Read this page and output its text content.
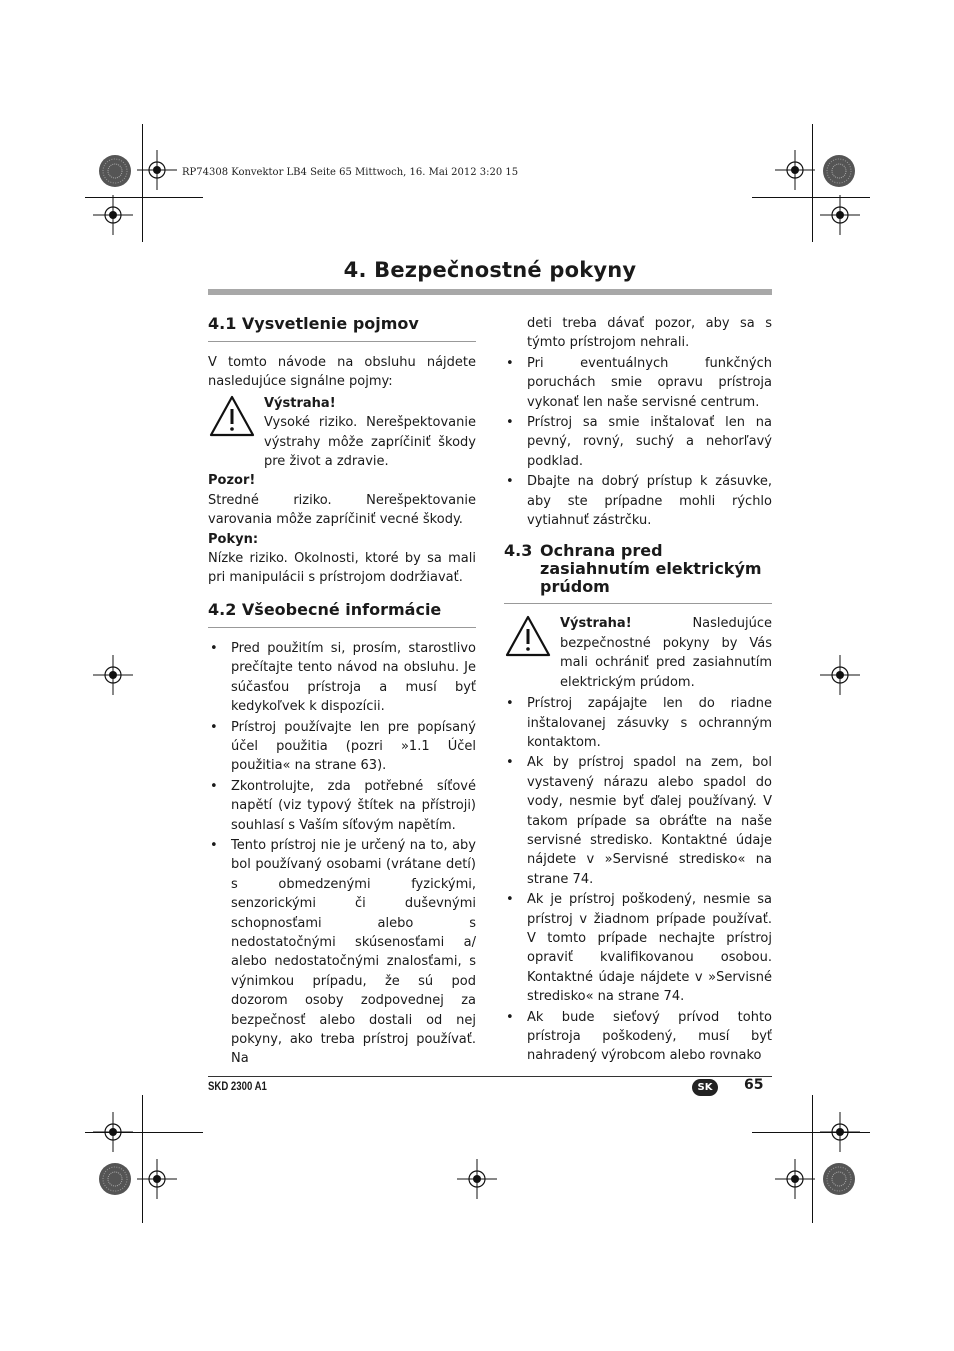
RP74308 Konvektor LB4 Seite 65 Mittwoch, 16. Mai 2012 3:20 15
4. Bezpečnostné pokyny
4.1 Vysvetlenie pojmov

V tomto návode na obsluhu nájdete nasledujúce signálne pojmy:

Výstraha!
Vysoké riziko. Nerešpektovanie výstrahy môže zapríčiniť škody pre život a zdravie.
Pozor!

Stredné riziko. Nerešpektovanie varovania môže zapríčiniť vecné škody.

Pokyn:

Nízke riziko. Okolnosti, ktoré by sa mali pri manipulácii s prístrojom dodržiavať.

4.2 Všeobecné informácie
• Pred použitím si, prosím, starostlivo prečítajte tento návod na obsluhu. Je súčasťou prístroja a musí byť kedykoľvek k dispozícii.
• Prístroj používajte len pre popísaný účel použitia (pozri »1.1 Účel použitia« na strane 63).
• Zkontrolujte, zda potřebné síťové napětí (viz typový štítek na přístroji) souhlasí s Vaším síťovým napětím.
• Tento prístroj nie je určený na to, aby bol používaný osobami (vrátane detí) s obmedzenými fyzickými, senzorickými či duševnými schopnosťami alebo s nedostatočnými skúsenosťami a/ alebo nedostatočnými znalosťami, s výnimkou prípadu, že sú pod dozorom osoby zodpovednej za bezpečnosť alebo dostali od nej pokyny, ako treba prístroj používať. Na

deti treba dávať pozor, aby sa s týmto prístrojom nehrali.

• Pri eventuálnych funkčných poruchách smie opravu prístroja vykonať len naše servisné centrum.
• Prístroj sa smie inštalovať len na pevný, rovný, suchý a nehorľavý podklad.
• Dbajte na dobrý prístup k zásuvke, aby ste prípadne mohli rýchlo vytiahnuť zástrčku.
4.3 Ochrana pred zasiahnutím elektrickým prúdom
Výstraha!	Nasledujúce bezpečnostné pokyny by Vás mali ochrániť pred zasiahnutím elektrickým prúdom.
• Prístroj zapájajte len do riadne inštalovanej zásuvky s ochranným kontaktom.
• Ak by prístroj spadol na zem, bol vystavený nárazu alebo spadol do vody, nesmie byť ďalej používaný. V takom prípade sa obráťte na naše servisné stredisko. Kontaktné údaje nájdete v »Servisné stredisko« na strane 74.
• Ak je prístroj poškodený, nesmie sa prístroj v žiadnom prípade používať. V tomto prípade nechajte prístroj opraviť kvalifikovanou osobou. Kontaktné údaje nájdete v »Servisné stredisko« na strane 74.
• Ak bude sieťový prívod tohto prístroja poškodený, musí byť nahradený výrobcom alebo rovnako
SKD 2300 A1	SK	65
